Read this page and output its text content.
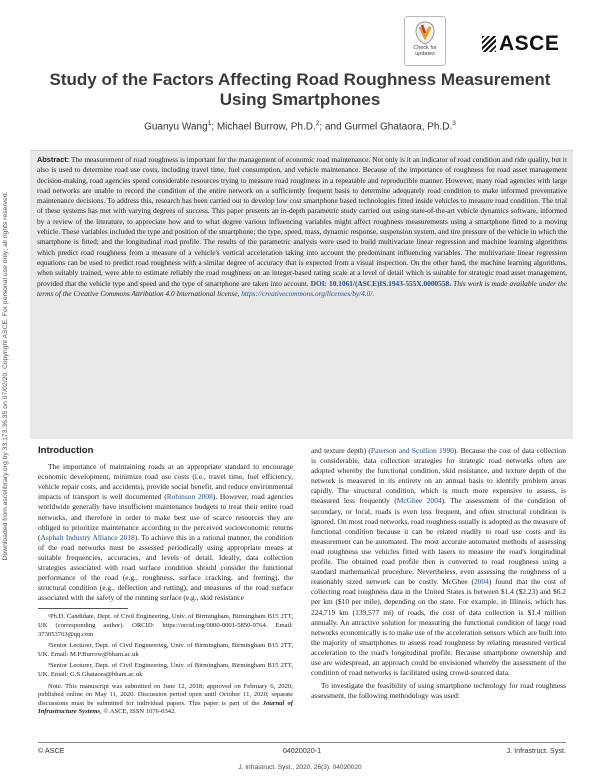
Downloaded from ascelibrary.org by 33.173.36.35 on 07/02/20. Copyright ASCE. For personal use only; all rights reserved.
Check for
updates	ASCE
Study of the Factors Affecting Road Roughness Measurement Using Smartphones
Guanyu Wang$^1$; Michael Burrow, Ph.D.$^2$; and Gurmel Ghataora, Ph.D.$^3$
Abstract: The measurement of road roughness is important for the management of economic road maintenance. Not only is it an indicator of road condition and ride quality, but it also is used to determine road use costs, including travel time, fuel consumption, and vehicle maintenance. Because of the importance of roughness for road asset management decision-making, road agencies spend considerable resources trying to measure road roughness in a repeatable and reproducible manner. However, many road agencies with large road networks are unable to record the condition of the entire network on a sufficiently frequent basis to determine adequately road condition to make informed preventative maintenance decisions. To address this, research has been carried out to develop low cost smartphone based technologies fitted inside vehicles to measure road condition. The trial of these systems has met with varying degrees of success. This paper presents an in-depth parametric study carried out using state-of-the-art vehicle dynamics software, informed by a review of the literature, to appreciate how and to what degree various influencing variables might affect roughness measurements using a smartphone fitted to a moving vehicle. These variables included the type and position of the smartphone; the type, speed, mass, dynamic response, suspension system, and tire pressure of the vehicle in which the smartphone is fitted; and the longitudinal road profile. The results of the parametric analysis were used to build multivariate linear regression and machine learning algorithms which predict road roughness from a measure of a vehicle's vertical acceleration taking into account the predominant influencing variables. The multivariate linear regression equations can be used to predict road roughness with a similar degree of accuracy that is expected from a visual inspection. On the other hand, the machine learning algorithms, when suitably trained, were able to estimate reliably the road roughness on an integer-based rating scale at a level of detail which is suitable for strategic road asset management, provided that the vehicle type and speed and the type of smartphone are taken into account. DOI: 10.1061/(ASCE)IS.1943-555X.0000558. This work is made available under the terms of the Creative Commons Attribution 4.0 International license, https://creativecommons.org/licenses/by/4.0/.
Introduction

The importance of maintaining roads at an appropriate standard to encourage economic development, minimize road use costs (i.e., travel time, fuel efficiency, vehicle repair costs, and accidents), provide social benefit, and reduce environmental impacts of transport is well documented (Robinson 2008). However, road agencies worldwide generally have insufficient maintenance budgets to treat their entire road networks, and therefore in order to make best use of scarce resources they are obliged to prioritize maintenance according to the perceived socioeconomic returns (Asphalt Industry Alliance 2018). To achieve this in a rational manner, the condition of the road networks must be assessed periodically using appropriate means at suitable frequencies, accuracies, and levels of detail. Ideally, data collection strategies associated with road surface condition should consider the functional performance of the road (e.g., roughness, surface cracking, and fretting), the structural condition (e.g., deflection and rutting), and measures of the road surface associated with the safety of the running surface (e.g., skid resistance

¹Ph.D. Candidate, Dept. of Civil Engineering, Univ. of Birmingham, Birmingham B15 2TT, UK (corresponding author). ORCID: https://orcid.org/0000-0001-5850-9764. Email: 373053763@qq.com

²Senior Lecturer, Dept. of Civil Engineering, Univ. of Birmingham, Birmingham B15 2TT, UK. Email: M.P.Burrow@bham.ac.uk

³Senior Lecturer, Dept. of Civil Engineering, Univ. of Birmingham, Birmingham B15 2TT, UK. Email: G.S.Ghataora@bham.ac.uk

Note. This manuscript was submitted on June 12, 2018; approved on February 6, 2020; published online on May 11, 2020. Discussion period open until October 11, 2020; separate discussions must be submitted for individual papers. This paper is part of the Journal of Infrastructure Systems, © ASCE, ISSN 1076-0342.

and texture depth) (Paterson and Scullion 1990). Because the cost of data collection is considerable, data collection strategies for strategic road networks often are adopted whereby the functional condition, skid resistance, and texture depth of the network is measured in its entirety on an annual basis to identify problem areas rapidly. The structural condition, which is much more expensive to assess, is measured less frequently (McGhee 2004). The assessment of the condition of secondary, or local, roads is even less frequent, and often structural condition is ignored. On most road networks, road roughness usually is adopted as the measure of functional condition because it can be related readily to road use costs and its measurement can be automated. The most accurate automated methods of assessing road roughness use vehicles fitted with lasers to measure the road's longitudinal profile. The obtained road profile then is converted to road roughness using a standard mathematical procedure. Nevertheless, even assessing the roughness of a reasonably sized network can be costly. McGhee (2004) found that the cost of collecting road roughness data in the United States is between $1.4 ($2.23) and $6.2 per km ($10 per mile), depending on the state. For example, in Illinois, which has 224,719 km (139,577 mi) of roads, the cost of data collection is $1.4 million annually. An attractive solution for measuring the functional condition of large road networks economically is to make use of the acceleration sensors which are built into the majority of smartphones to assess road roughness by relating measured vertical acceleration to the road's longitudinal profile. Because smartphone ownership and use are widespread, an approach could be envisioned whereby the assessment of the condition of road networks is facilitated using crowd-sourced data.

To investigate the feasibility of using smartphone technology for road roughness assessment, the following methodology was used:

© ASCE	04020020-1	J. Infrastruct. Syst.
J. Infrastruct. Syst., 2020, 26(3): 04020020
